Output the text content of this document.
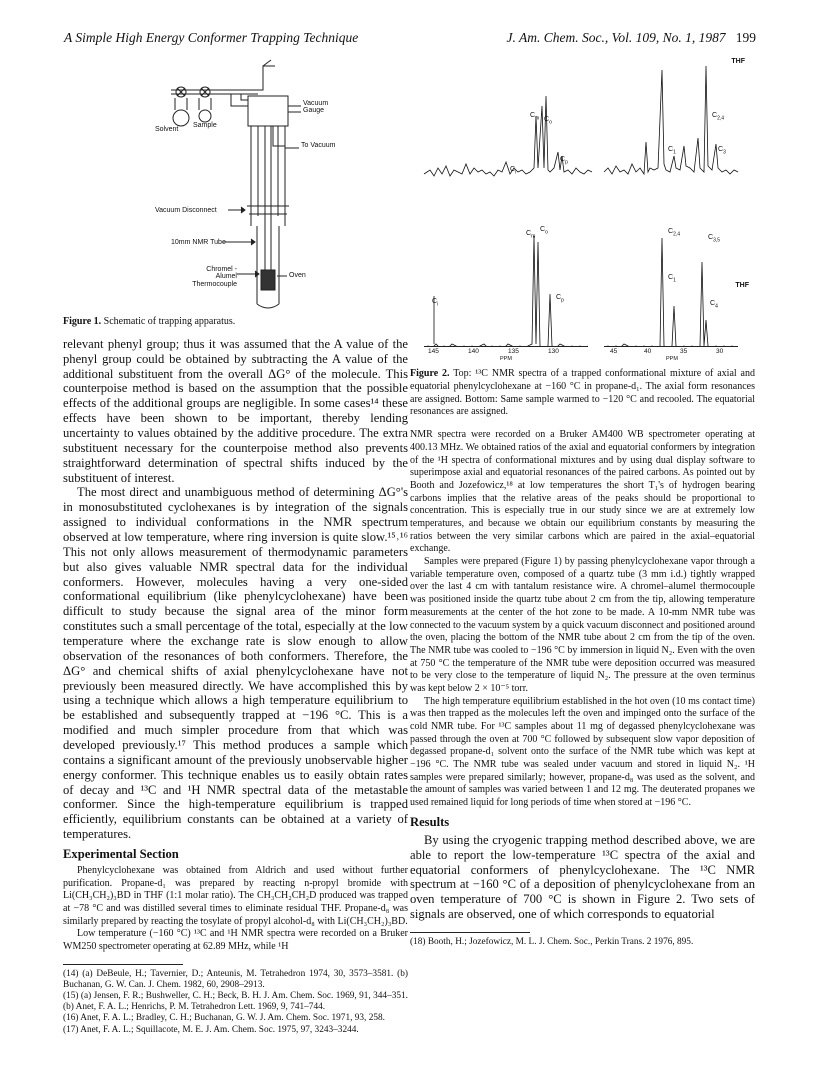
A Simple High Energy Conformer Trapping Technique	J. Am. Chem. Soc., Vol. 109, No. 1, 1987 199
Solvent
Sample
Vacuum Gauge
To Vacuum
Vacuum Disconnect
10mm NMR Tube
Chromel - Alumel Thermocouple
Oven

Figure 1. Schematic of trapping apparatus.

relevant phenyl group; thus it was assumed that the A value of the phenyl group could be obtained by subtracting the A value of the additional substituent from the overall ΔG° of the molecule. This counterpoise method is based on the assumption that the possible effects of the additional groups are negligible. In some cases¹⁴ these effects have been shown to be important, thereby lending uncertainty to values obtained by the additive procedure. The extra substituent necessary for the counterpoise method also prevents straightforward determination of spectral shifts induced by the substituent of interest.

The most direct and unambiguous method of determining ΔG°'s in monosubstituted cyclohexanes is by integration of the signals assigned to individual conformations in the NMR spectrum observed at low temperature, where ring inversion is quite slow.¹⁵˒¹⁶ This not only allows measurement of thermodynamic parameters but also gives valuable NMR spectral data for the individual conformers. However, molecules having a very one-sided conformational equilibrium (like phenylcyclohexane) have been difficult to study because the signal area of the minor form constitutes such a small percentage of the total, especially at the low temperature where the exchange rate is slow enough to allow observation of the resonances of both conformers. Therefore, the ΔG° and chemical shifts of axial phenylcyclohexane have not previously been measured directly. We have accomplished this by using a technique which allows a high temperature equilibrium to be established and subsequently trapped at −196 °C. This is a modified and much simpler procedure from that which was developed previously.¹⁷ This method produces a sample which contains a significant amount of the previously unobservable higher energy conformer. This technique enables us to easily obtain rates of decay and ¹³C and ¹H NMR spectral data of the metastable conformer. Since the high-temperature equilibrium is trapped efficiently, equilibrium constants can be obtained at a variety of temperatures.

Experimental Section

Phenylcyclohexane was obtained from Aldrich and used without further purification. Propane-d₁ was prepared by reacting n-propyl bromide with Li(CH₃CH₂)₃BD in THF (1:1 molar ratio). The CH₃CH₂CH₂D produced was trapped at −78 °C and was distilled several times to eliminate residual THF. Propane-d₈ was similarly prepared by reacting the tosylate of propyl alcohol-d₈ with Li(CH₃CH₂)₃BD.

Low temperature (−160 °C) ¹³C and ¹H NMR spectra were recorded on a Bruker WM250 spectrometer operating at 62.89 MHz, while ¹H

(14) (a) DeBeule, H.; Tavernier, D.; Anteunis, M. Tetrahedron 1974, 30, 3573–3581. (b) Buchanan, G. W. Can. J. Chem. 1982, 60, 2908–2913.

(15) (a) Jensen, F. R.; Bushweller, C. H.; Beck, B. H. J. Am. Chem. Soc. 1969, 91, 344–351. (b) Anet, F. A. L.; Henrichs, P. M. Tetrahedron Lett. 1969, 9, 741–744.

(16) Anet, F. A. L.; Bradley, C. H.; Buchanan, G. W. J. Am. Chem. Soc. 1971, 93, 258.

(17) Anet, F. A. L.; Squillacote, M. E. J. Am. Chem. Soc. 1975, 97, 3243–3244.

THF
$C_m$ $C_o$
$C_p$
$C_i$
$C_{2,4}$
$C_1$	$C_3$
$C_m$
$C_o$	$C_{2,4}$	$C_{3,5}$
$C_1$
THF
$C_i$
$C_p$	$C_4$
145	140	135	130
PPM
45	40	35	30
PPM

Figure 2. Top: ¹³C NMR spectra of a trapped conformational mixture of axial and equatorial phenylcyclohexane at −160 °C in propane-d₁. The axial form resonances are assigned. Bottom: Same sample warmed to −120 °C and recooled. The equatorial resonances are assigned.

NMR spectra were recorded on a Bruker AM400 WB spectrometer operating at 400.13 MHz. We obtained ratios of the axial and equatorial conformers by integration of the ¹H spectra of conformational mixtures and by using dual display software to superimpose axial and equatorial resonances of the paired carbons. As pointed out by Booth and Jozefowicz,¹⁸ at low temperatures the short T₁'s of hydrogen bearing carbons implies that the relative areas of the peaks should be proportional to concentration. This is especially true in our study since we are at extremely low temperatures, and because we obtain our equilibrium constants by measuring the ratios between the very similar carbons which are paired in the axial–equatorial exchange.

Samples were prepared (Figure 1) by passing phenylcyclohexane vapor through a variable temperature oven, composed of a quartz tube (3 mm i.d.) tightly wrapped over the last 4 cm with tantalum resistance wire. A chromel–alumel thermocouple was positioned inside the quartz tube about 2 cm from the tip, allowing temperature measurements at the center of the hot zone to be made. A 10-mm NMR tube was connected to the vacuum system by a quick vacuum disconnect and positioned around the oven, placing the bottom of the NMR tube about 2 cm from the tip of the oven. The NMR tube was cooled to −196 °C by immersion in liquid N₂. Even with the oven at 750 °C the temperature of the NMR tube were deposition occurred was measured to be very close to the temperature of liquid N₂. The pressure at the oven terminus was kept below 2 × 10⁻⁵ torr.

The high temperature equilibrium established in the hot oven (10 ms contact time) was then trapped as the molecules left the oven and impinged onto the surface of the cold NMR tube. For ¹³C samples about 11 mg of degassed phenylcyclohexane was passed through the oven at 700 °C followed by subsequent slow vapor deposition of degassed propane-d₁ solvent onto the surface of the NMR tube which was kept at −196 °C. The NMR tube was sealed under vacuum and stored in liquid N₂. ¹H samples were prepared similarly; however, propane-d₈ was used as the solvent, and the amount of samples was varied between 1 and 12 mg. The deuterated propanes we used remained liquid for long periods of time when stored at −196 °C.

Results

By using the cryogenic trapping method described above, we are able to report the low-temperature ¹³C spectra of the axial and equatorial conformers of phenylcyclohexane. The ¹³C NMR spectrum at −160 °C of a deposition of phenylcyclohexane from an oven temperature of 700 °C is shown in Figure 2. Two sets of signals are observed, one of which corresponds to equatorial

(18) Booth, H.; Jozefowicz, M. L. J. Chem. Soc., Perkin Trans. 2 1976, 895.
